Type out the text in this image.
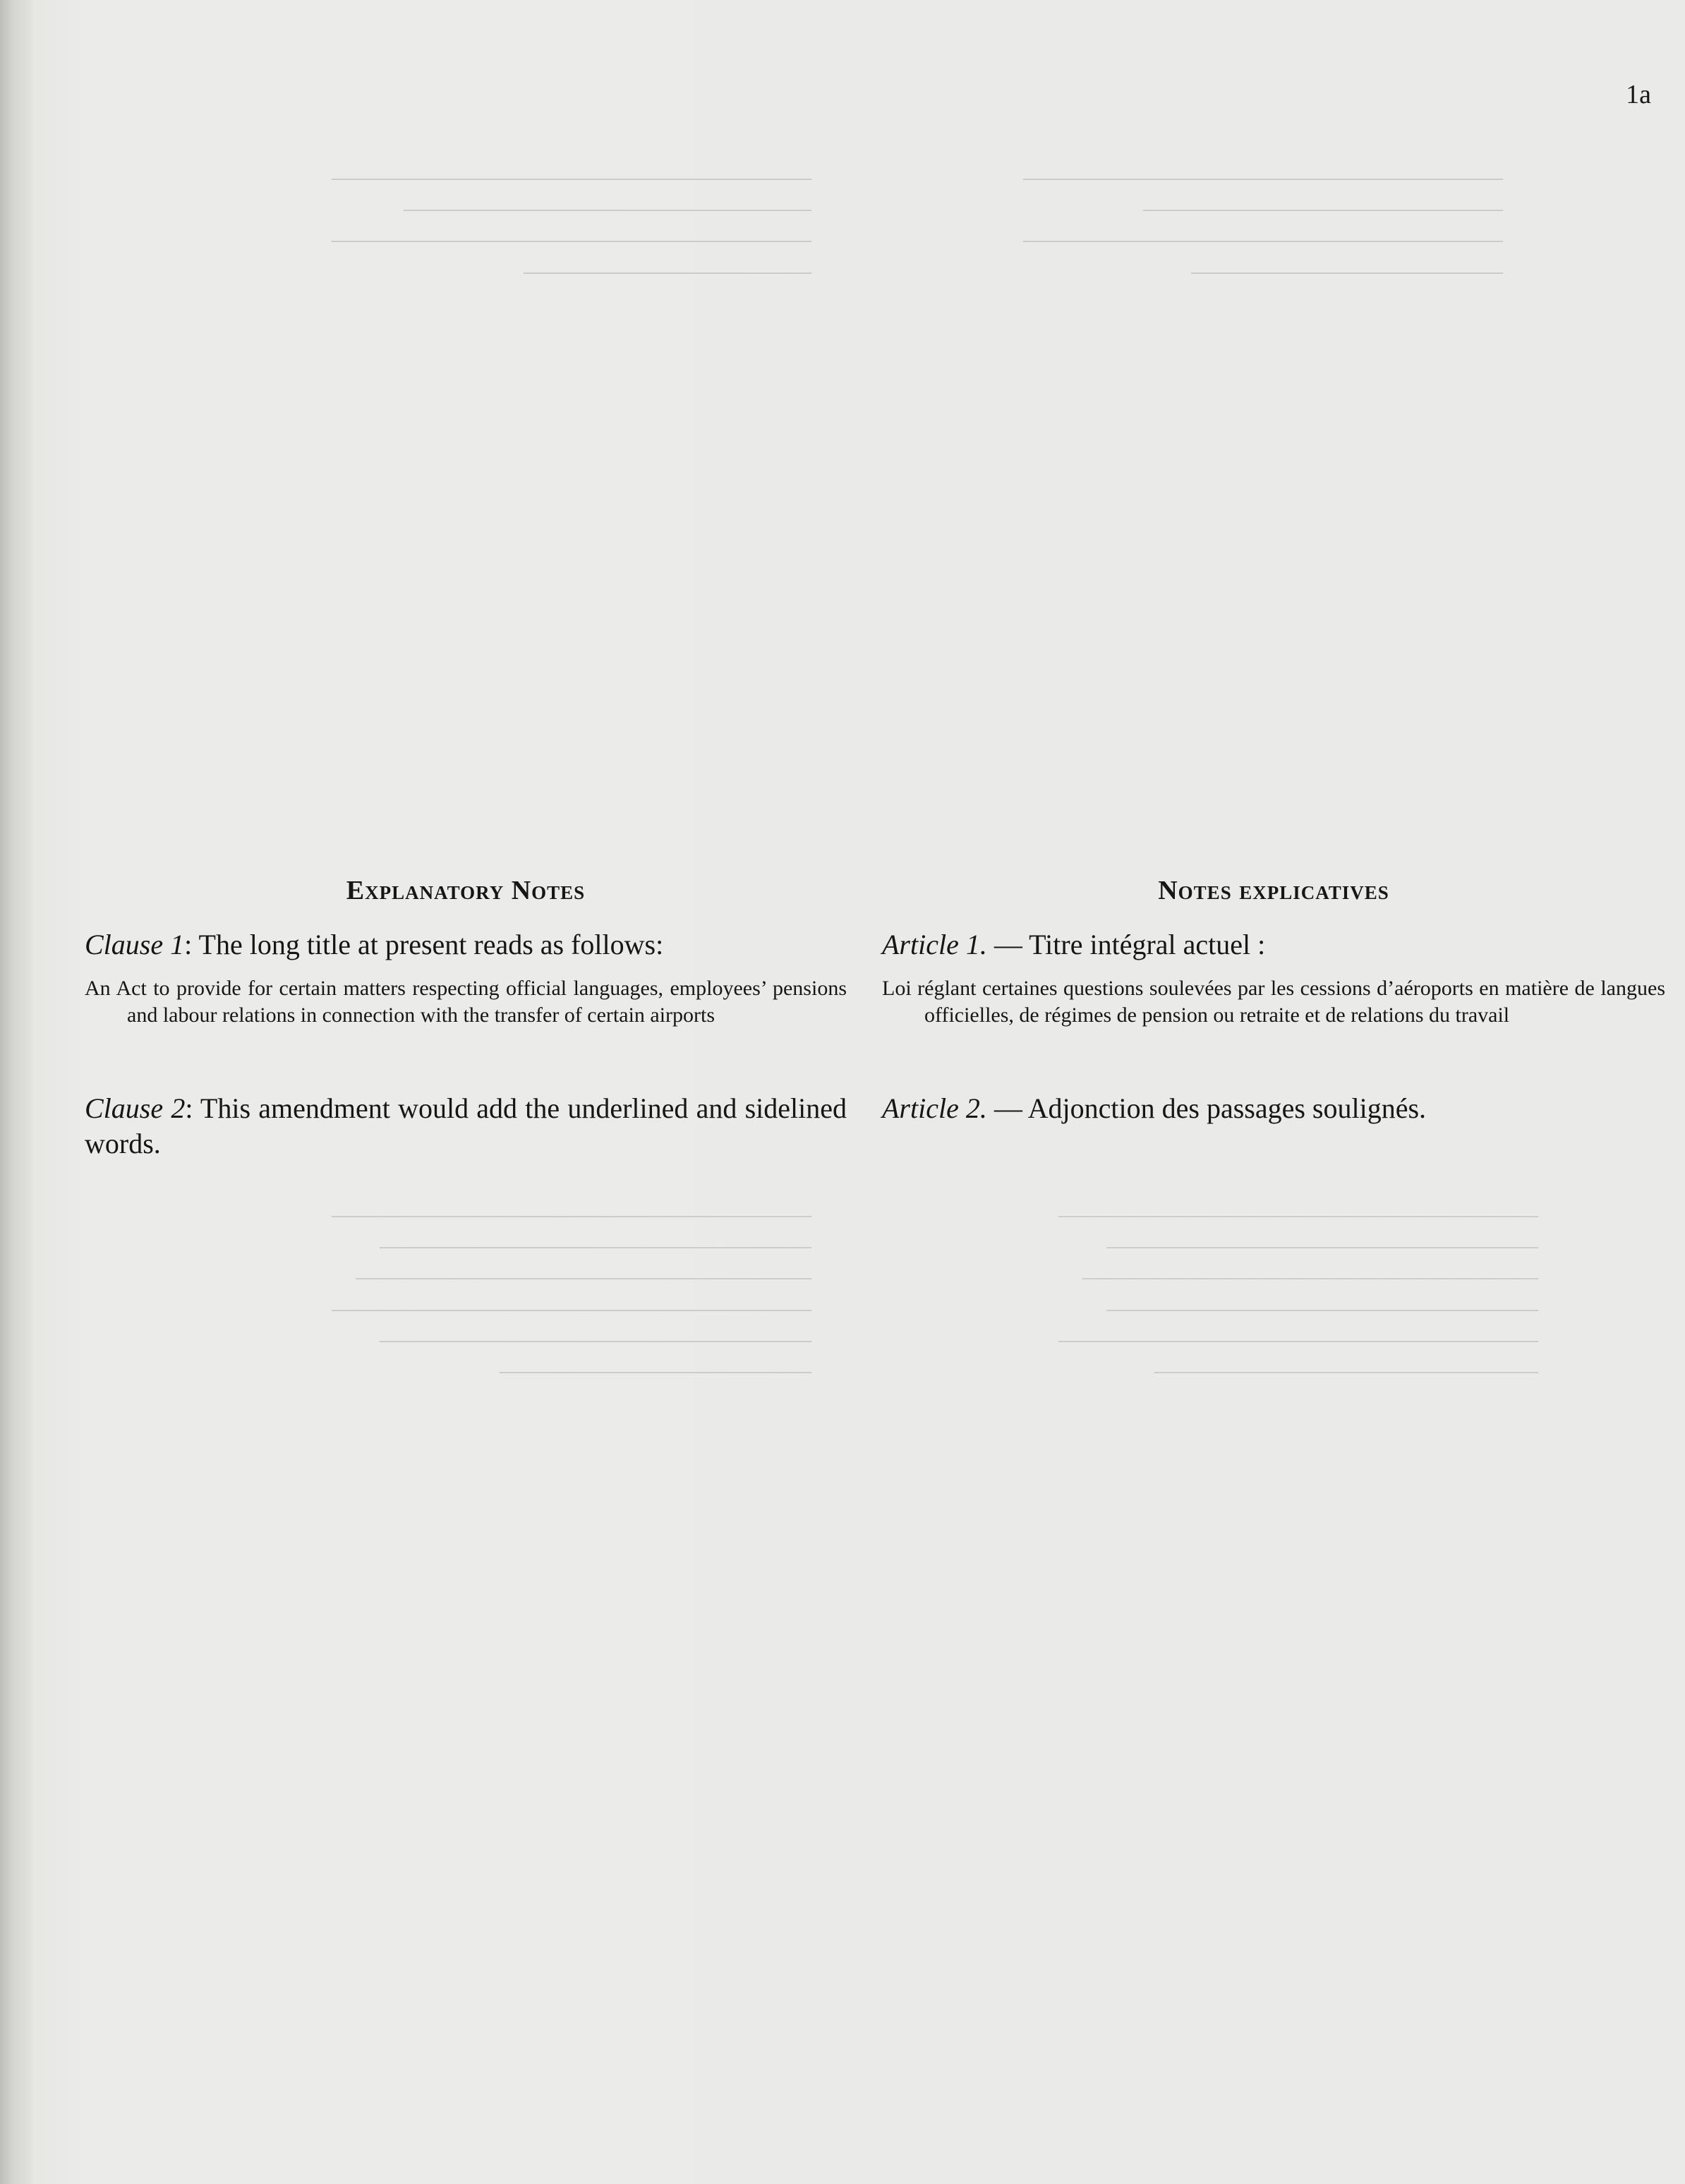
————————————————————
———————————————
————————————————————
—————————————
————————————————————
—————————————————
————————————————————
————————————
————————————————————
——————————————————
———————————————————
——————————————————
————————————————————
————————————————
————————————————————
——————————————————
———————————————————
————————————————————
——————————————————
—————————————
1a
Explanatory Notes

Clause 1: The long title at present reads as follows:

An Act to provide for certain matters respecting official languages, employees’ pensions and labour relations in connection with the transfer of certain airports

Clause 2: This amendment would add the underlined and sidelined words.

Notes explicatives

Article 1. — Titre intégral actuel :

Loi réglant certaines questions soulevées par les cessions d’aéroports en matière de langues officielles, de régimes de pension ou retraite et de relations du travail

Article 2. — Adjonction des passages soulignés.
